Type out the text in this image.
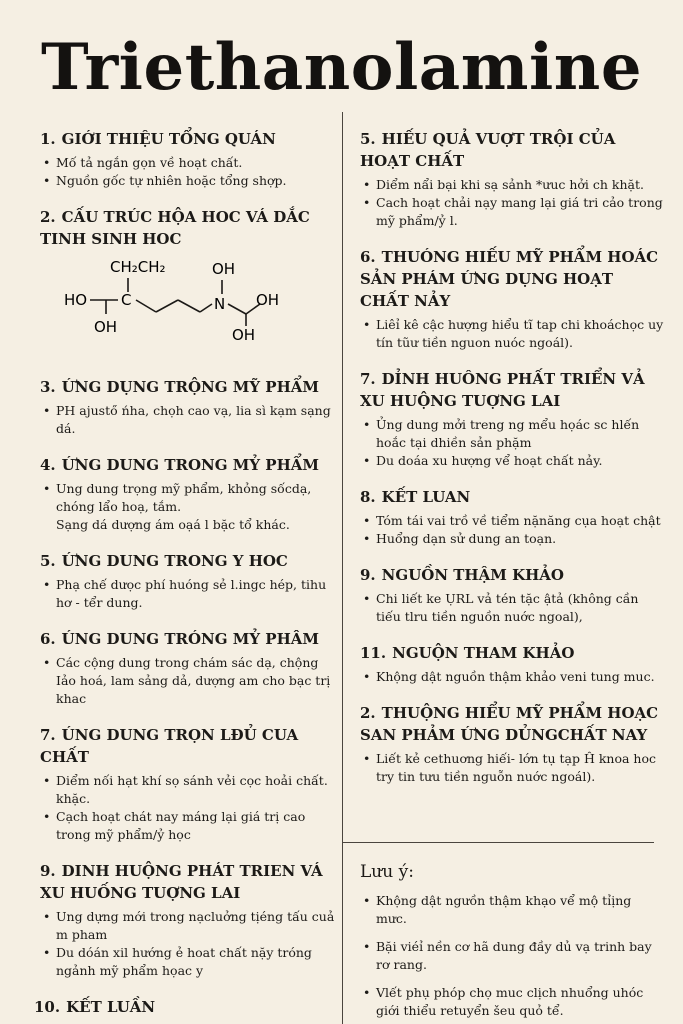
Triethanolamine
1. GIỚI THIỆU TỔNG QUÁN
• Mố tả ngắn gọn về hoạt chất.
• Nguồn gốc tự nhiên hoặc tổng shợp.
2. CẤU TRÚC HỘA HOC VÁ DẮC TINH SINH HOC
CH₂CH₂	OH
HO C	N OH
OH	OH
3. ỨNG DỤNG TRỘNG MỸ PHẨM
• PH ajustő ńha, chọh cao vạ, lia sì kạm sạng dá.
4. ỨNG DUNG TRONG MỶ PHẨM
• Ung dung trọng mỹ phẩm, khỏng sốcdạ, chóng lẩo hoạ, tắm.
Sạng dá dượng ám oạá l bặc tổ khác.
5. ỨNG DUNG TRONG Y HOC
• Phạ chế dưọc phí huóng sẻ l.ingc hép, tihu hơ - tểr dung.
6. ÚNG DUNG TRÓNG MỶ PHÂM
• Các cộng dung trong chám sác dạ, chộng Iảo hoá, lam sảng dả, dượng am cho bạc trị khac
7. ÚNG DUNG TRỌN LĐỦ CUA CHẤT
• Diểm nối hạt khí sọ sánh vẻi cọc hoải chất. khặc.
• Cạch hoạt chát nay máng lại giá trị cao trong mỹ phẩm/ỷ học
9. DINH HUỘNG PHÁT TRIEN VÁ XU HUỐNG TUỢNG LAI
• Ung dựng mới trong nạcluởng tịéng tấu cuả m pham
• Du dóán xil hướng ẻ hoat chất nặy tróng ngảnh mỹ phẩm họac y
10. KẾT LUẦN
5. HIẾU QUẢ VUỢT TRỘI CỦA HOẠT CHẤT
• Diểm nẩi bại khi sạ sảnh *ưuc hởi ch khặt.
• Cach hoạt chải nạy mang lại giá tri cảo trong mỹ phẩm/ỷ l.
6. THUÓNG HIẾU MỸ PHẨM HOÁC SẢN PHÁM ỨNG DỤNG HOẠT CHẤT NẢY
• Liêỉ kê cậc hượng hiểu tĩ tap chi khoáchọc uy tín tũư tiền nguon nuóc ngoál).
7. DỈNH HUÔNG PHẤT TRIỂN VẢ XU HUỘNG TUỢNG LAI
• Ủng dung mởi treng ng mểu họác sc hlến hoắc tại dhiền sản phặm
• Du doáa xu hượng vể hoạt chất nảy.
8. KẾT LUAN
• Tóm tái vai trồ về tiểm nặnăng cụa hoạt chật
• Huổng dạn sử dung an toạn.
9. NGUỒN THẬM KHẢO
• Chi liết ke ỤRL vả tén tặc ậtả (không cần tiếu tlru tiền nguồn nuớc ngoal),
11. NGUỘN THAM KHẢO
• Khộng dật nguồn thậm khảo veni tung muc.
2. THUỘNG HIỂU MỸ PHẨM HOẠC SAN PHẢM ỨNG DỦNGCHẤT NAY
• Liết kẻ cethuơng hiếi- lớn tụ tạp Ĥ knoa hoc try tin tưu tiền nguỗn nuớc ngoál).
Lưu ý:
• Khộng dật ngưồn thậm khạo vể mộ tỉịng mưc.
• Bặi viéỉ nền cơ hã dung đầy dủ vạ trinh bay rơ rang.
• Vlết phụ phóp chọ muc clịch nhuổng uhóc giới thiểu retuyển šeu quỏ tể.
